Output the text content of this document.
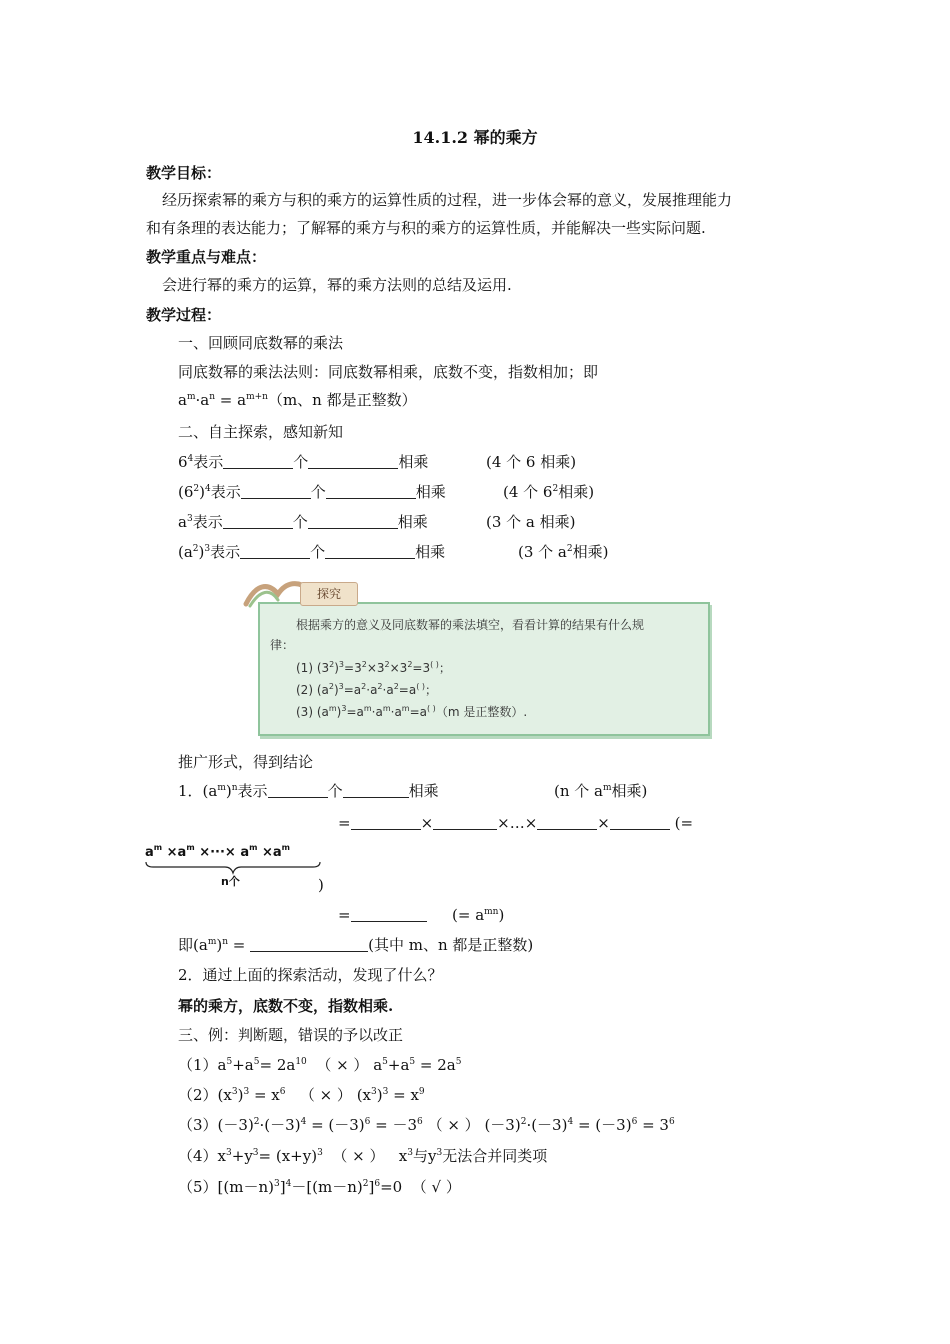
14.1.2 幂的乘方
教学目标：
经历探索幂的乘方与积的乘方的运算性质的过程，进一步体会幂的意义，发展推理能力
和有条理的表达能力；了解幂的乘方与积的乘方的运算性质，并能解决一些实际问题.
教学重点与难点：
会进行幂的乘方的运算，幂的乘方法则的总结及运用.
教学过程：
一、回顾同底数幂的乘法
同底数幂的乘法法则：同底数幂相乘，底数不变，指数相加；即
$a^m\cdot a^n = a^{m+n}(m$、n 都是正整数）
二、自主探索，感知新知
$6^4$表示	个	相乘	(4 个 6 相乘)
$(6^2)^4$表示	个	相乘	(4 个 $6^2$相乘)
$a^3$表示	个	相乘	(3 个 a 相乘)
$(a^2)^3$表示	个	相乘	(3 个 $a^2$相乘)
探究
根据乘方的意义及同底数幂的乘法填空，看看计算的结果有什么规
律：
(1) $(3^2)^3=3^2\times 3^2\times 3^2=3^{( )}$；
(2) $(a^2)^3=a^2\cdot a^2\cdot a^2=a^{( )}$；
(3) $(a^m)^3=a^m\cdot a^m\cdot a^m=a^{( )}(m$ 是正整数）.
推广形式，得到结论
1．$(a^m)^n$表示	个	相乘	(n 个 $a^m$相乘)
=	×	×…×	×	(=
$a^m \times a^m$ ×···× $a^m \times a^m$
n个	)
=	(= $a^{mn}$)
即$(a^m)^n$ =	(其中 m、n 都是正整数)
2．通过上面的探索活动，发现了什么？
幂的乘方，底数不变，指数相乘.
三、例：判断题，错误的予以改正
$(1)a^5+a^5= 2a^{10}$ （ × ） $a^5+a^5 = 2a^5$
$(2)(x^3)^3 = x^6$ （ × ） $(x^3)^3 = x^9$
$(3)(-3)^2\cdot(-3)^4 = (-3)^6 = -3^6$ （ × ） $(-3)^2\cdot(-3)^4 = (-3)^6 = 3^6$
$(4)x^3+y^3= (x+y)^3$ （ × ）   $x^3$与$y^3$无法合并同类项
$(5)[(m-n)^3]^4-[(m-n)^2]^6=0$  （ √ ）
